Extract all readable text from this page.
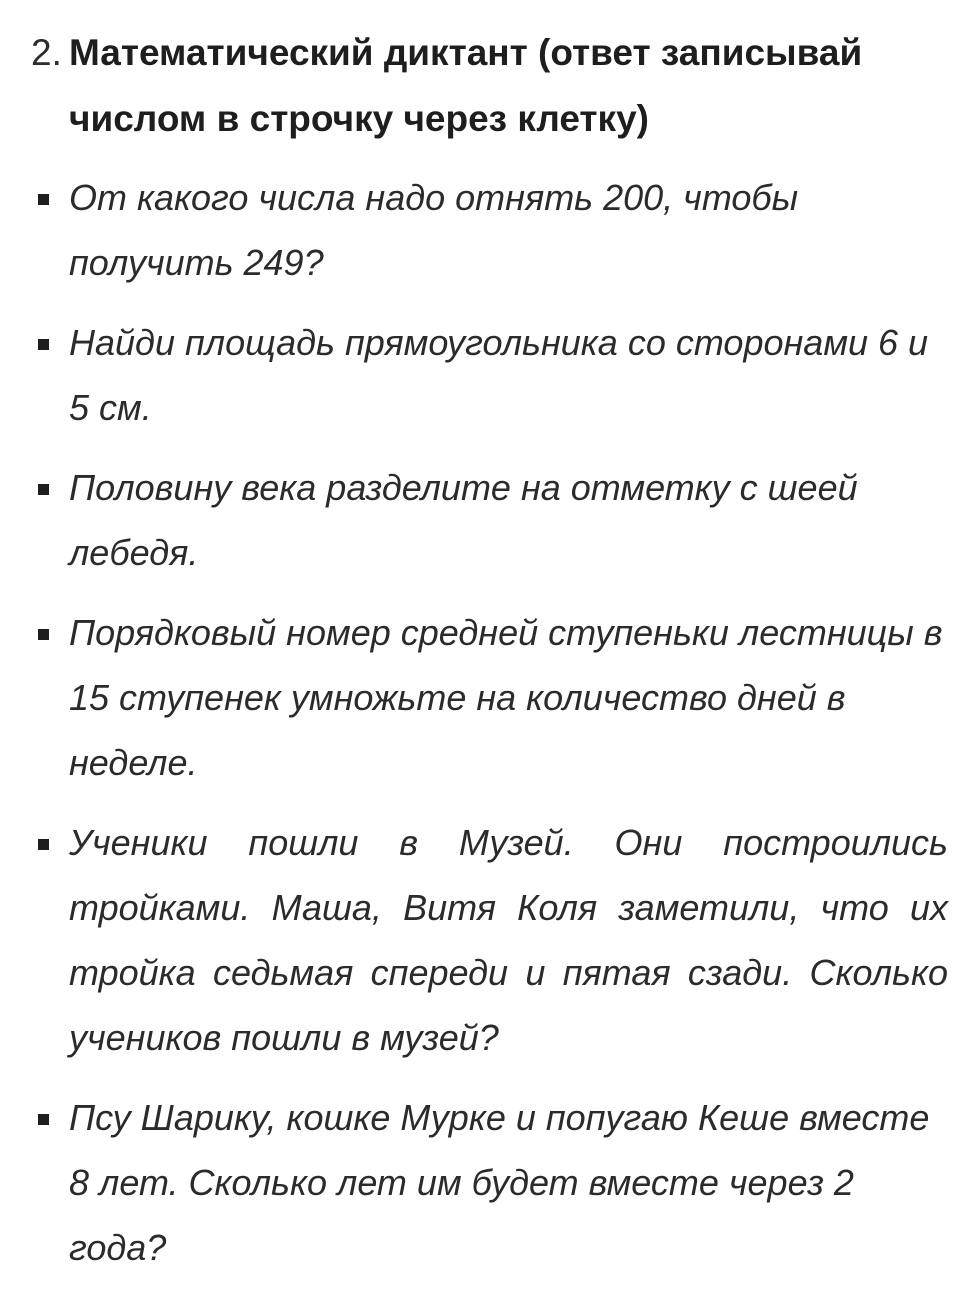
2. Математический диктант (ответ записывай числом в строчку через клетку)
От какого числа надо отнять 200, чтобы получить 249?
Найди площадь прямоугольника со сторонами 6 и 5 см.
Половину века разделите на отметку с шеей лебедя.
Порядковый номер средней ступеньки лестницы в 15 ступенек умножьте на количество дней в неделе.
Ученики пошли в Музей. Они построились тройками. Маша, Витя Коля заметили, что их тройка седьмая спереди и пятая сзади. Сколько учеников пошли в музей?
Псу Шарику, кошке Мурке и попугаю Кеше вместе 8 лет. Сколько лет им будет вместе через 2 года?
